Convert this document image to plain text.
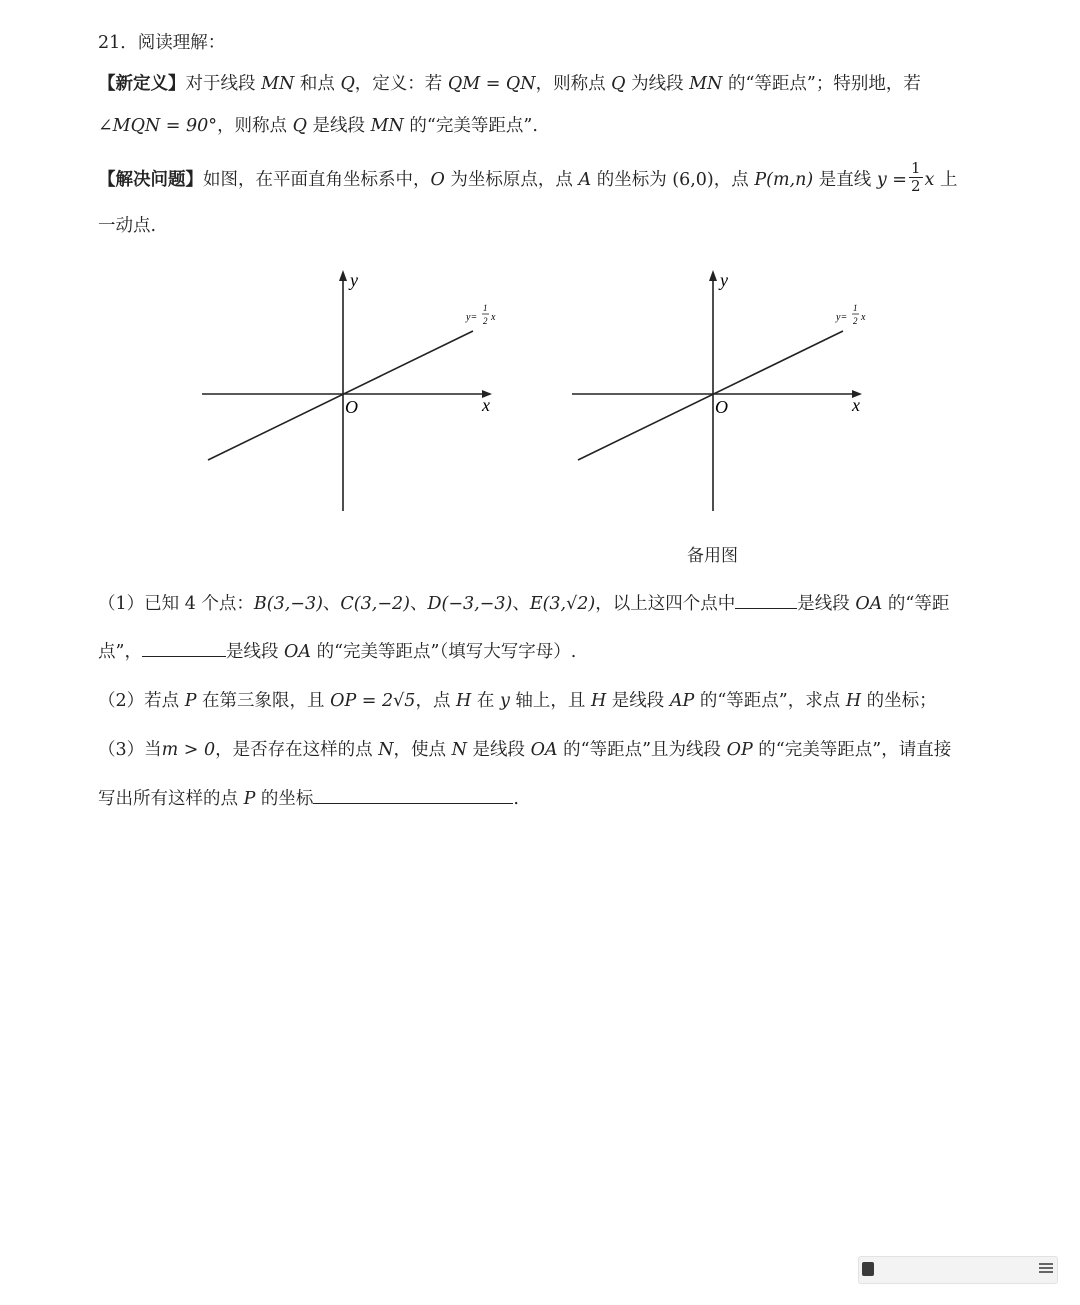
21．阅读理解：
【新定义】对于线段 MN 和点 Q，定义：若 QM = QN，则称点 Q 为线段 MN 的“等距点”；特别地，若
∠MQN = 90°，则称点 Q 是线段 MN 的“完美等距点”.
【解决问题】如图，在平面直角坐标系中，O 为坐标原点，点 A 的坐标为 (6,0)，点 P(m,n) 是直线 $y = \frac{1}{2}$ x 上
一动点.
y
x
O
y=
1
2 x
y
x
O
y=
1
2 x
备用图
（1）已知 4 个点：B(3,−3)、C(3,−2)、D(−3,−3)、E(3,√2)，以上这四个点中	是线段 OA 的“等距
点”，	是线段 OA 的“完美等距点”（填写大写字母）.
（2）若点 P 在第三象限，且 OP = 2√5，点 H 在 y 轴上，且 H 是线段 AP 的“等距点”，求点 H 的坐标；
（3）当m > 0，是否存在这样的点 N，使点 N 是线段 OA 的“等距点”且为线段 OP 的“完美等距点”，请直接
写出所有这样的点 P 的坐标	.
